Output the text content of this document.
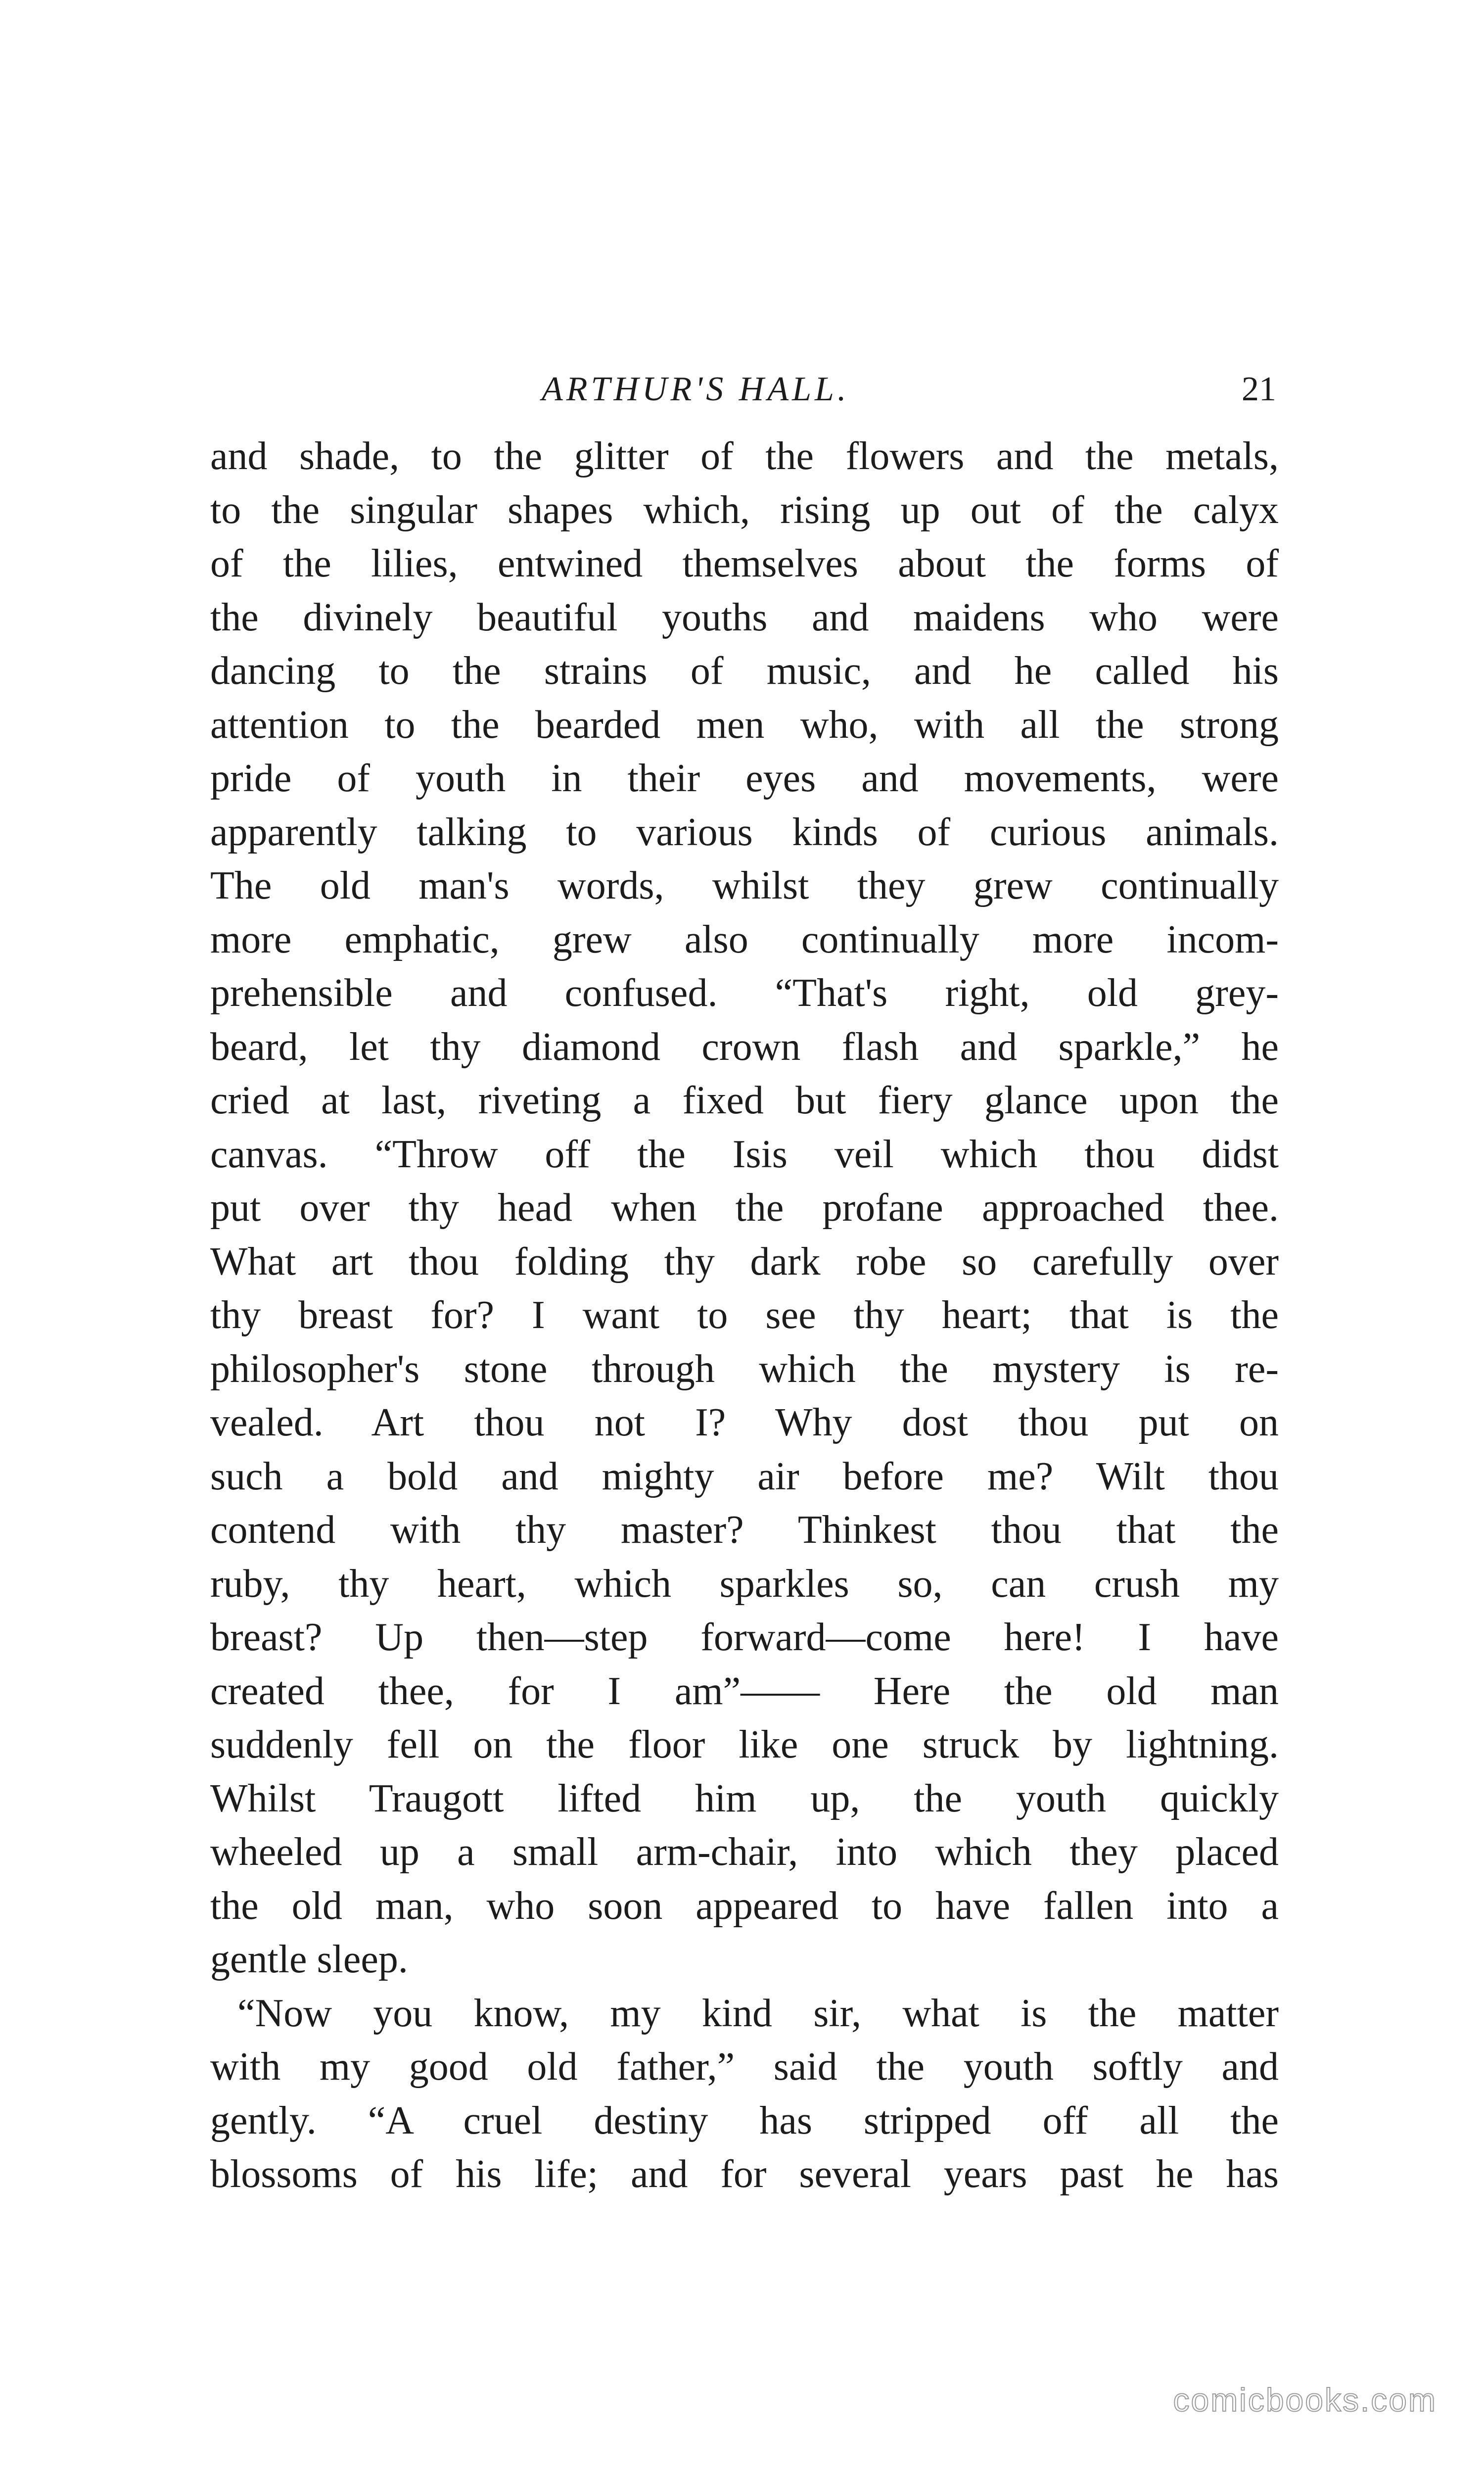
ARTHUR'S HALL.	21
and shade, to the glitter of the flowers and the metals,
to the singular shapes which, rising up out of the calyx
of the lilies, entwined themselves about the forms of
the divinely beautiful youths and maidens who were
dancing to the strains of music, and he called his
attention to the bearded men who, with all the strong
pride of youth in their eyes and movements, were
apparently talking to various kinds of curious animals.
The old man's words, whilst they grew continually
more emphatic, grew also continually more incom-
prehensible and confused. “That's right, old grey-
beard, let thy diamond crown flash and sparkle,” he
cried at last, riveting a fixed but fiery glance upon the
canvas. “Throw off the Isis veil which thou didst
put over thy head when the profane approached thee.
What art thou folding thy dark robe so carefully over
thy breast for? I want to see thy heart; that is the
philosopher's stone through which the mystery is re-
vealed. Art thou not I? Why dost thou put on
such a bold and mighty air before me? Wilt thou
contend with thy master? Thinkest thou that the
ruby, thy heart, which sparkles so, can crush my
breast? Up then—step forward—come here! I have
created thee, for I am”—— Here the old man
suddenly fell on the floor like one struck by lightning.
Whilst Traugott lifted him up, the youth quickly
wheeled up a small arm-chair, into which they placed
the old man, who soon appeared to have fallen into a
gentle sleep.
“Now you know, my kind sir, what is the matter
with my good old father,” said the youth softly and
gently. “A cruel destiny has stripped off all the
blossoms of his life; and for several years past he has
comicbooks.com
